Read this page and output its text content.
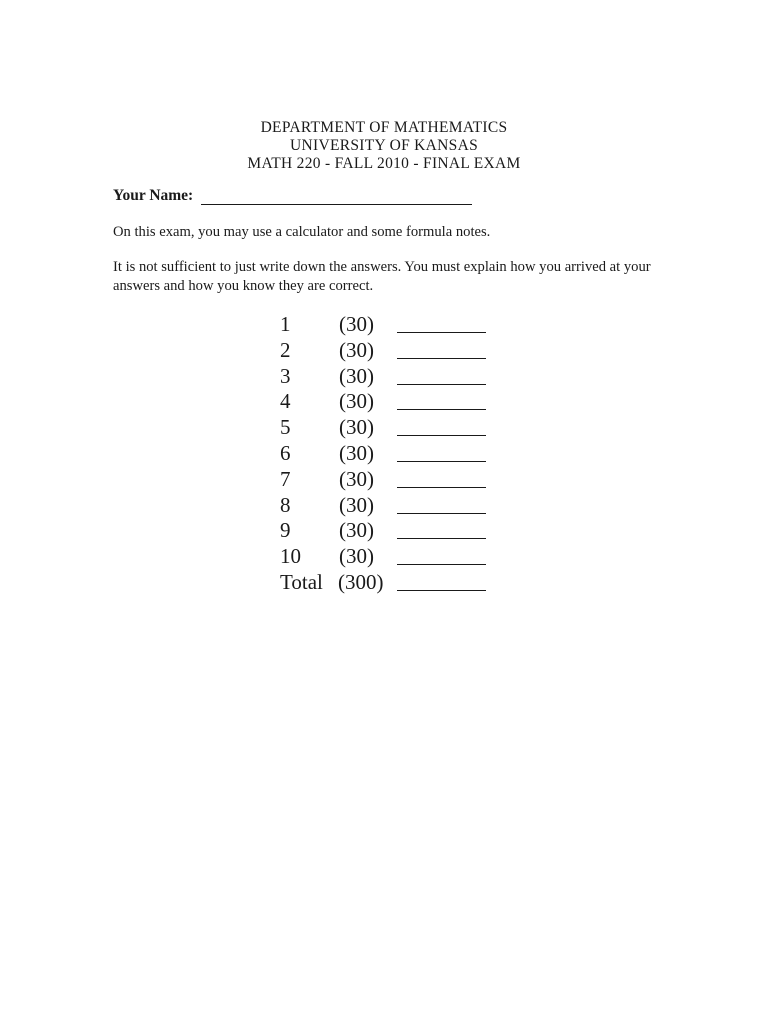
DEPARTMENT OF MATHEMATICS
UNIVERSITY OF KANSAS
MATH 220 - FALL 2010 - FINAL EXAM
Your Name:
On this exam, you may use a calculator and some formula notes.
It is not sufficient to just write down the answers. You must explain how you arrived at your answers and how you know they are correct.
1 (30)
2 (30)
3 (30)
4 (30)
5 (30)
6 (30)
7 (30)
8 (30)
9 (30)
10 (30)
Total (300)
